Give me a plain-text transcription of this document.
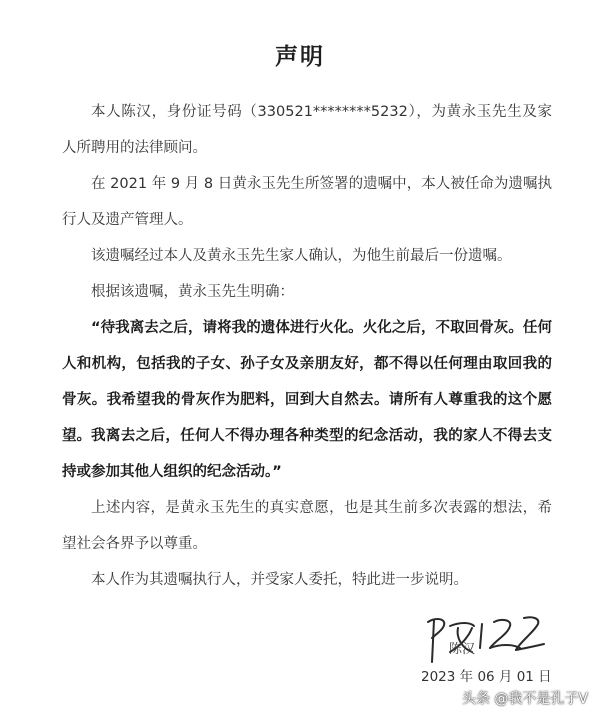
声明
本人陈汉，身份证号码（330521********5232），为黄永玉先生及家人所聘用的法律顾问。
在 2021 年 9 月 8 日黄永玉先生所签署的遗嘱中，本人被任命为遗嘱执行人及遗产管理人。
该遗嘱经过本人及黄永玉先生家人确认，为他生前最后一份遗嘱。
根据该遗嘱，黄永玉先生明确：
“待我离去之后，请将我的遗体进行火化。火化之后，不取回骨灰。任何人和机构，包括我的子女、孙子女及亲朋友好，都不得以任何理由取回我的骨灰。我希望我的骨灰作为肥料，回到大自然去。请所有人尊重我的这个愿望。 我离去之后，任何人不得办理各种类型的纪念活动，我的家人不得去支持或参加其他人组织的纪念活动。”
上述内容，是黄永玉先生的真实意愿，也是其生前多次表露的想法，希望社会各界予以尊重。
本人作为其遗嘱执行人，并受家人委托，特此进一步说明。
陈汉
2023 年 06 月 01 日
头条 @我不是孔子V
